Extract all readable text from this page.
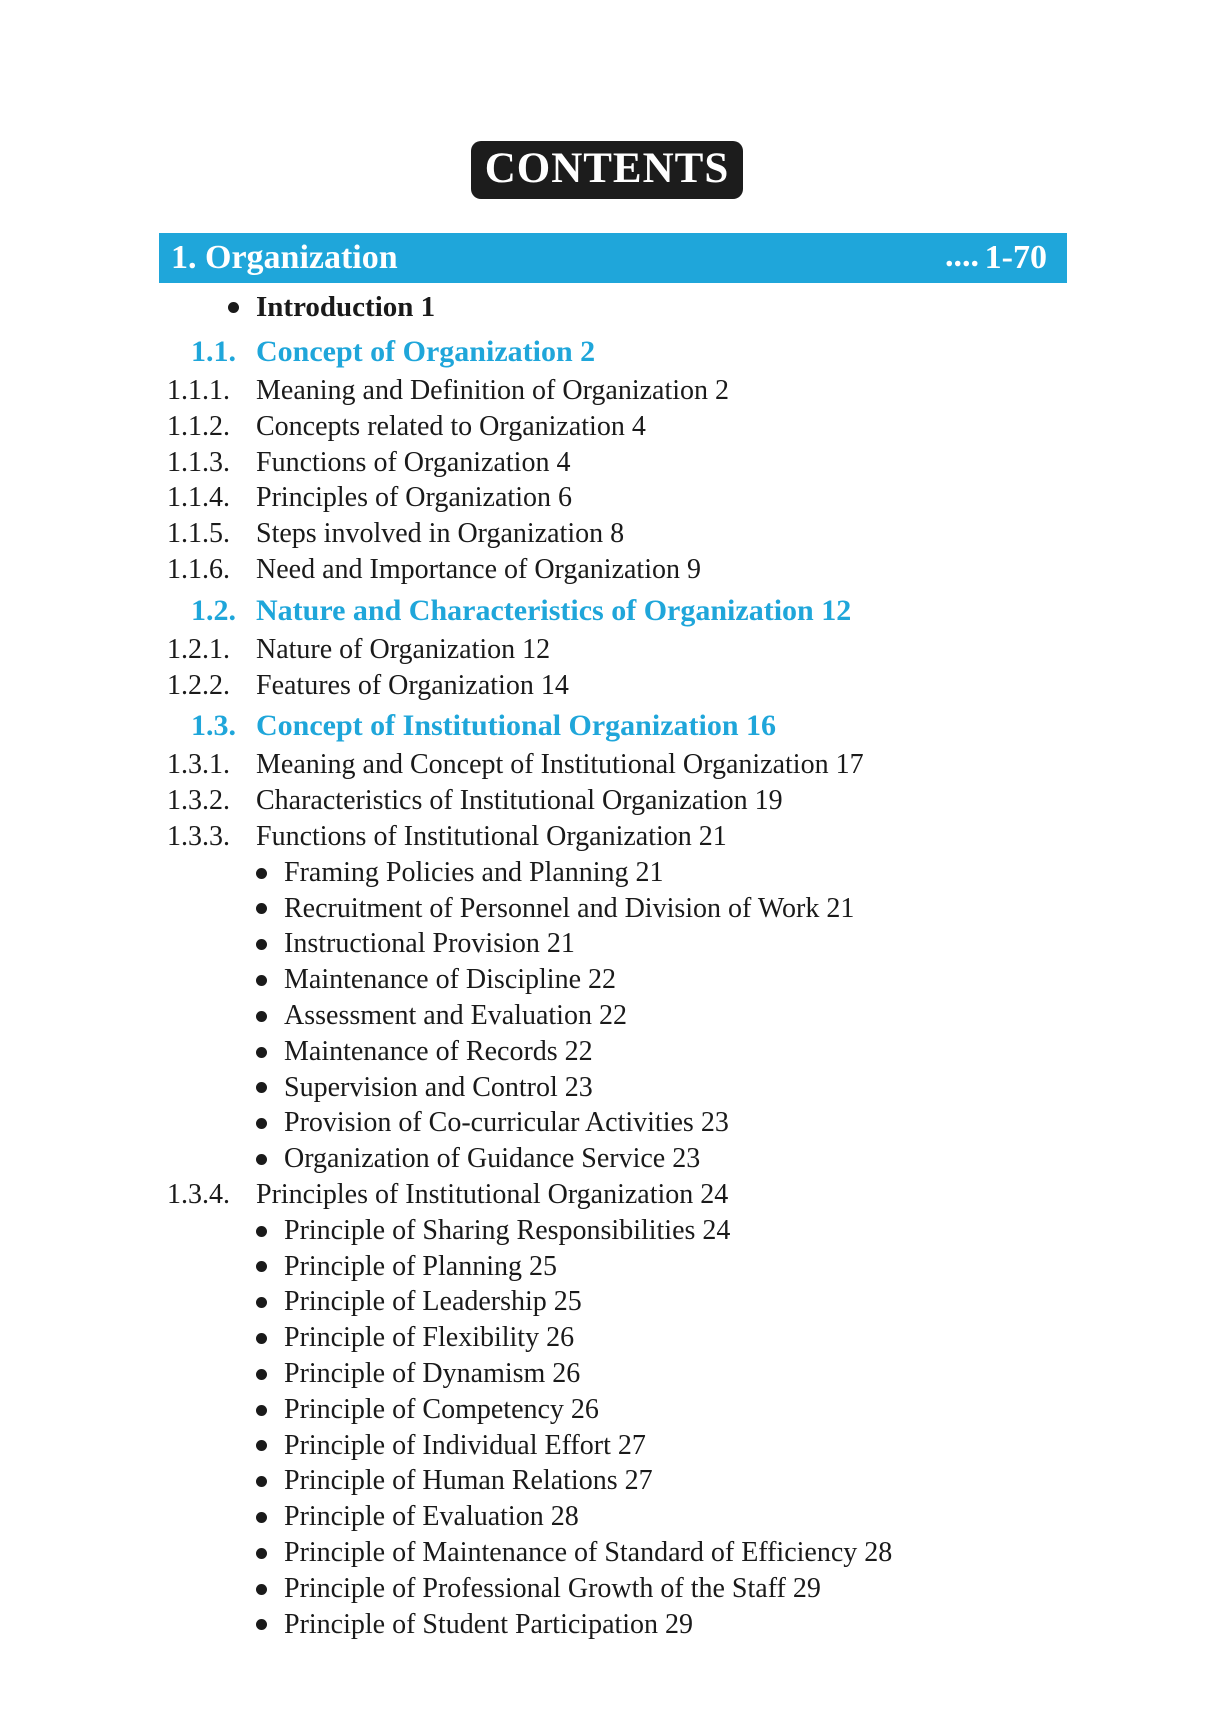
CONTENTS
1. Organization	.... 1-70
Introduction 1
1.1. Concept of Organization 2
1.1.1. Meaning and Definition of Organization 2
1.1.2. Concepts related to Organization 4
1.1.3. Functions of Organization 4
1.1.4. Principles of Organization 6
1.1.5. Steps involved in Organization 8
1.1.6. Need and Importance of Organization 9
1.2. Nature and Characteristics of Organization 12
1.2.1. Nature of Organization 12
1.2.2. Features of Organization 14
1.3. Concept of Institutional Organization 16
1.3.1. Meaning and Concept of Institutional Organization 17
1.3.2. Characteristics of Institutional Organization 19
1.3.3. Functions of Institutional Organization 21
Framing Policies and Planning 21
Recruitment of Personnel and Division of Work 21
Instructional Provision 21
Maintenance of Discipline 22
Assessment and Evaluation 22
Maintenance of Records 22
Supervision and Control 23
Provision of Co-curricular Activities 23
Organization of Guidance Service 23
1.3.4. Principles of Institutional Organization 24
Principle of Sharing Responsibilities 24
Principle of Planning 25
Principle of Leadership 25
Principle of Flexibility 26
Principle of Dynamism 26
Principle of Competency 26
Principle of Individual Effort 27
Principle of Human Relations 27
Principle of Evaluation 28
Principle of Maintenance of Standard of Efficiency 28
Principle of Professional Growth of the Staff 29
Principle of Student Participation 29
